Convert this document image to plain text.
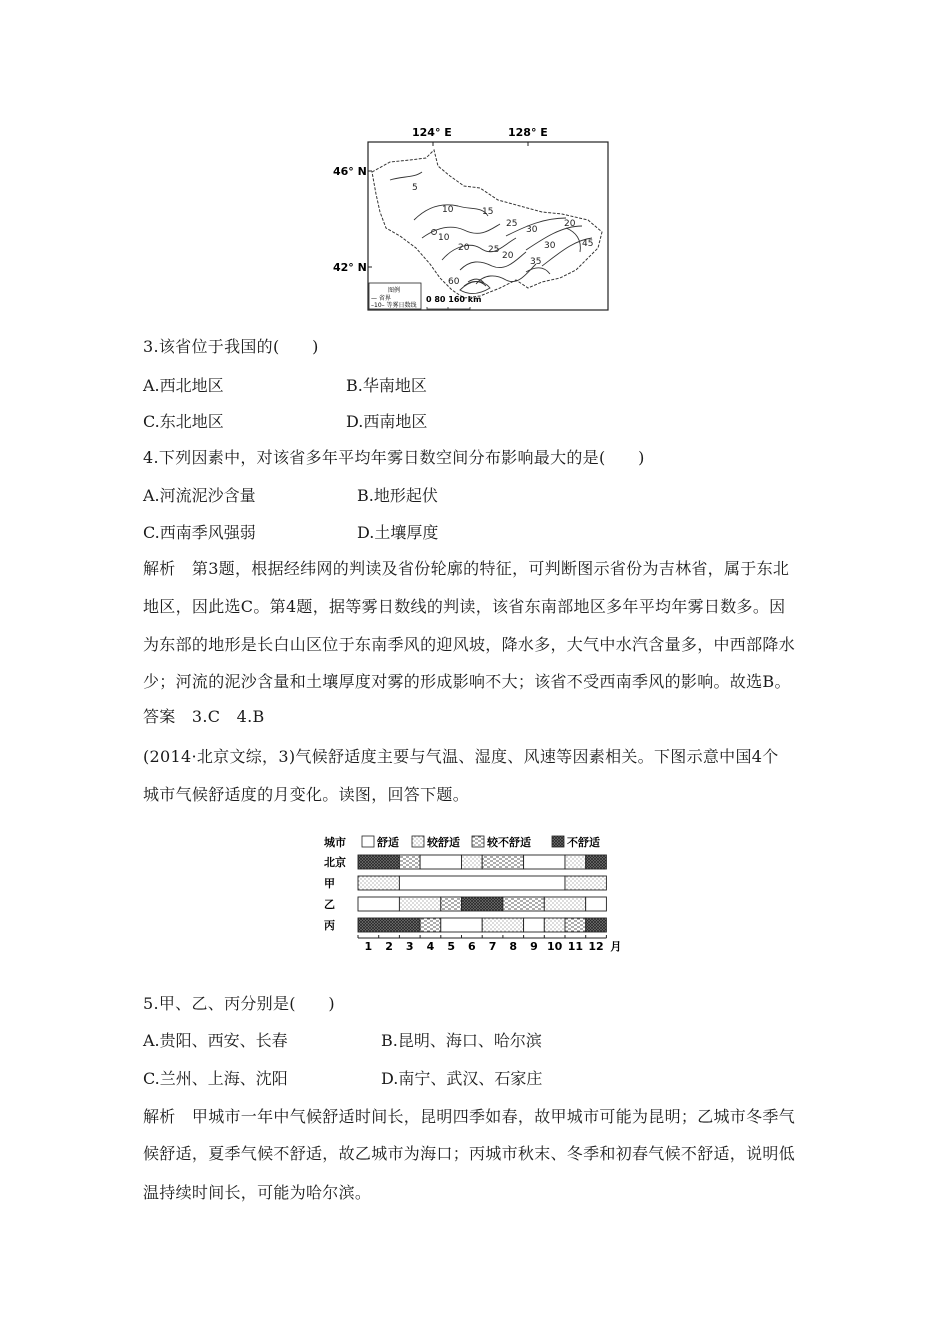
124° E	128° E
46° N
42° N
5
10
10
15
20
25
30
35
20
20
25	30	45
60
图例
— 省界
–10– 等雾日数线
0 80 160 km
3.该省位于我国的(　　)
A.西北地区	B.华南地区
C.东北地区	D.西南地区
4.下列因素中，对该省多年平均年雾日数空间分布影响最大的是(　　)
A.河流泥沙含量	B.地形起伏
C.西南季风强弱	D.土壤厚度
解析　第3题，根据经纬网的判读及省份轮廓的特征，可判断图示省份为吉林省，属于东北
地区，因此选C。第4题，据等雾日数线的判读，该省东南部地区多年平均年雾日数多。因
为东部的地形是长白山区位于东南季风的迎风坡，降水多，大气中水汽含量多，中西部降水
少；河流的泥沙含量和土壤厚度对雾的形成影响不大；该省不受西南季风的影响。故选B。
答案　3.C　4.B
(2014·北京文综，3)气候舒适度主要与气温、湿度、风速等因素相关。下图示意中国4个
城市气候舒适度的月变化。读图，回答下题。
城市	舒适	较舒适 较不舒适	不舒适
北京
甲
乙
丙
1 2 3 4 5 6 7 8 9 10 11 12 月
5.甲、乙、丙分别是(　　)
A.贵阳、西安、长春	B.昆明、海口、哈尔滨
C.兰州、上海、沈阳	D.南宁、武汉、石家庄
解析　甲城市一年中气候舒适时间长，昆明四季如春，故甲城市可能为昆明；乙城市冬季气
候舒适，夏季气候不舒适，故乙城市为海口；丙城市秋末、冬季和初春气候不舒适，说明低
温持续时间长，可能为哈尔滨。
